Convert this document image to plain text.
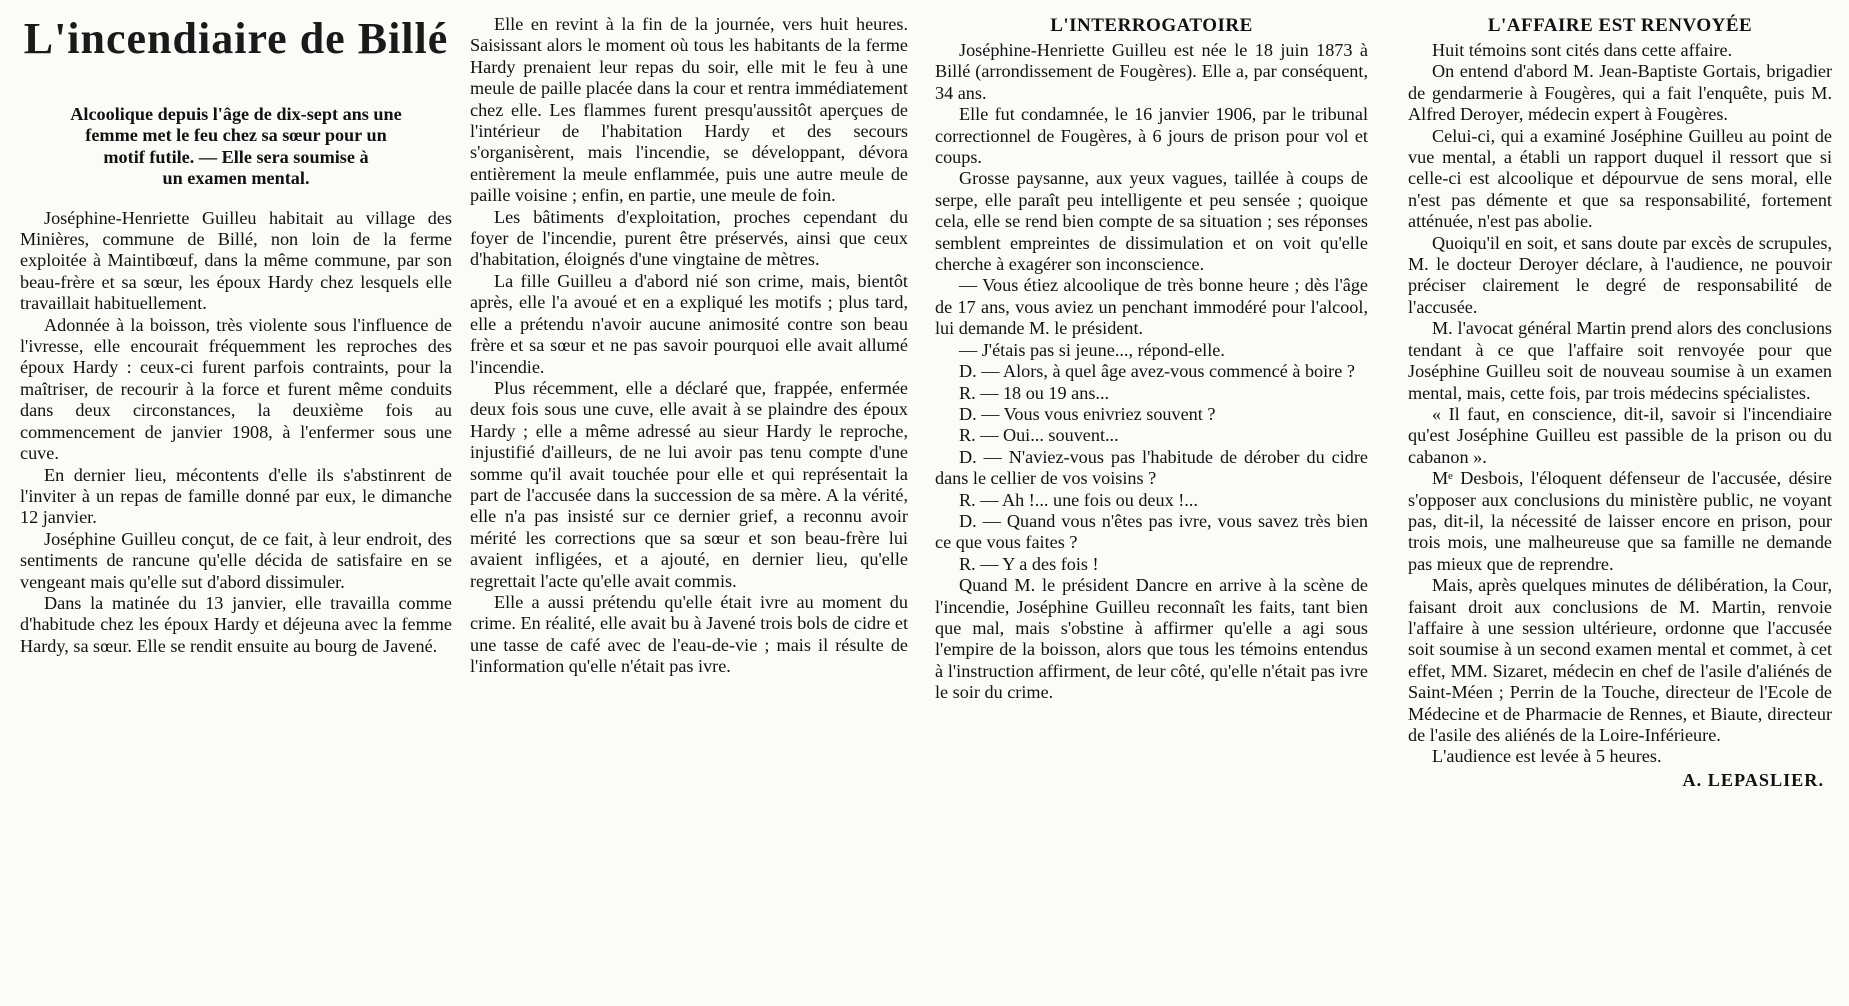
L'incendiaire de Billé
Alcoolique depuis l'âge de dix-sept ans une
femme met le feu chez sa sœur pour un
motif futile. — Elle sera soumise à
un examen mental.

Joséphine-Henriette Guilleu habitait au village des Minières, commune de Billé, non loin de la ferme exploitée à Maintibœuf, dans la même commune, par son beau-frère et sa sœur, les époux Hardy chez lesquels elle travaillait habituellement.

Adonnée à la boisson, très violente sous l'influence de l'ivresse, elle encourait fréquemment les reproches des époux Hardy : ceux-ci furent parfois contraints, pour la maîtriser, de recourir à la force et furent même conduits dans deux circonstances, la deuxième fois au commencement de janvier 1908, à l'enfermer sous une cuve.

En dernier lieu, mécontents d'elle ils s'abstinrent de l'inviter à un repas de famille donné par eux, le dimanche 12 janvier.

Joséphine Guilleu conçut, de ce fait, à leur endroit, des sentiments de rancune qu'elle décida de satisfaire en se vengeant mais qu'elle sut d'abord dissimuler.

Dans la matinée du 13 janvier, elle travailla comme d'habitude chez les époux Hardy et déjeuna avec la femme Hardy, sa sœur. Elle se rendit ensuite au bourg de Javené.

Elle en revint à la fin de la journée, vers huit heures. Saisissant alors le moment où tous les habitants de la ferme Hardy prenaient leur repas du soir, elle mit le feu à une meule de paille placée dans la cour et rentra immédiatement chez elle. Les flammes furent presqu'aussitôt aperçues de l'intérieur de l'habitation Hardy et des secours s'organisèrent, mais l'incendie, se développant, dévora entièrement la meule enflammée, puis une autre meule de paille voisine ; enfin, en partie, une meule de foin.

Les bâtiments d'exploitation, proches cependant du foyer de l'incendie, purent être préservés, ainsi que ceux d'habitation, éloignés d'une vingtaine de mètres.

La fille Guilleu a d'abord nié son crime, mais, bientôt après, elle l'a avoué et en a expliqué les motifs ; plus tard, elle a prétendu n'avoir aucune animosité contre son beau frère et sa sœur et ne pas savoir pourquoi elle avait allumé l'incendie.

Plus récemment, elle a déclaré que, frappée, enfermée deux fois sous une cuve, elle avait à se plaindre des époux Hardy ; elle a même adressé au sieur Hardy le reproche, injustifié d'ailleurs, de ne lui avoir pas tenu compte d'une somme qu'il avait touchée pour elle et qui représentait la part de l'accusée dans la succession de sa mère. A la vérité, elle n'a pas insisté sur ce dernier grief, a reconnu avoir mérité les corrections que sa sœur et son beau-frère lui avaient infligées, et a ajouté, en dernier lieu, qu'elle regrettait l'acte qu'elle avait commis.

Elle a aussi prétendu qu'elle était ivre au moment du crime. En réalité, elle avait bu à Javené trois bols de cidre et une tasse de café avec de l'eau-de-vie ; mais il résulte de l'information qu'elle n'était pas ivre.

L'INTERROGATOIRE

Joséphine-Henriette Guilleu est née le 18 juin 1873 à Billé (arrondissement de Fougères). Elle a, par conséquent, 34 ans.

Elle fut condamnée, le 16 janvier 1906, par le tribunal correctionnel de Fougères, à 6 jours de prison pour vol et coups.

Grosse paysanne, aux yeux vagues, taillée à coups de serpe, elle paraît peu intelligente et peu sensée ; quoique cela, elle se rend bien compte de sa situation ; ses réponses semblent empreintes de dissimulation et on voit qu'elle cherche à exagérer son inconscience.

— Vous étiez alcoolique de très bonne heure ; dès l'âge de 17 ans, vous aviez un penchant immodéré pour l'alcool, lui demande M. le président.

— J'étais pas si jeune..., répond-elle.

D. — Alors, à quel âge avez-vous commencé à boire ?

R. — 18 ou 19 ans...

D. — Vous vous enivriez souvent ?

R. — Oui... souvent...

D. — N'aviez-vous pas l'habitude de dérober du cidre dans le cellier de vos voisins ?

R. — Ah !... une fois ou deux !...

D. — Quand vous n'êtes pas ivre, vous savez très bien ce que vous faites ?

R. — Y a des fois !

Quand M. le président Dancre en arrive à la scène de l'incendie, Joséphine Guilleu reconnaît les faits, tant bien que mal, mais s'obstine à affirmer qu'elle a agi sous l'empire de la boisson, alors que tous les témoins entendus à l'instruction affirment, de leur côté, qu'elle n'était pas ivre le soir du crime.

L'AFFAIRE EST RENVOYÉE

Huit témoins sont cités dans cette affaire.

On entend d'abord M. Jean-Baptiste Gortais, brigadier de gendarmerie à Fougères, qui a fait l'enquête, puis M. Alfred Deroyer, médecin expert à Fougères.

Celui-ci, qui a examiné Joséphine Guilleu au point de vue mental, a établi un rapport duquel il ressort que si celle-ci est alcoolique et dépourvue de sens moral, elle n'est pas démente et que sa responsabilité, fortement atténuée, n'est pas abolie.

Quoiqu'il en soit, et sans doute par excès de scrupules, M. le docteur Deroyer déclare, à l'audience, ne pouvoir préciser clairement le degré de responsabilité de l'accusée.

M. l'avocat général Martin prend alors des conclusions tendant à ce que l'affaire soit renvoyée pour que Joséphine Guilleu soit de nouveau soumise à un examen mental, mais, cette fois, par trois médecins spécialistes.

« Il faut, en conscience, dit-il, savoir si l'incendiaire qu'est Joséphine Guilleu est passible de la prison ou du cabanon ».

Mᵉ Desbois, l'éloquent défenseur de l'accusée, désire s'opposer aux conclusions du ministère public, ne voyant pas, dit-il, la nécessité de laisser encore en prison, pour trois mois, une malheureuse que sa famille ne demande pas mieux que de reprendre.

Mais, après quelques minutes de délibération, la Cour, faisant droit aux conclusions de M. Martin, renvoie l'affaire à une session ultérieure, ordonne que l'accusée soit soumise à un second examen mental et commet, à cet effet, MM. Sizaret, médecin en chef de l'asile d'aliénés de Saint-Méen ; Perrin de la Touche, directeur de l'Ecole de Médecine et de Pharmacie de Rennes, et Biaute, directeur de l'asile des aliénés de la Loire-Inférieure.

L'audience est levée à 5 heures.

A. LEPASLIER.
